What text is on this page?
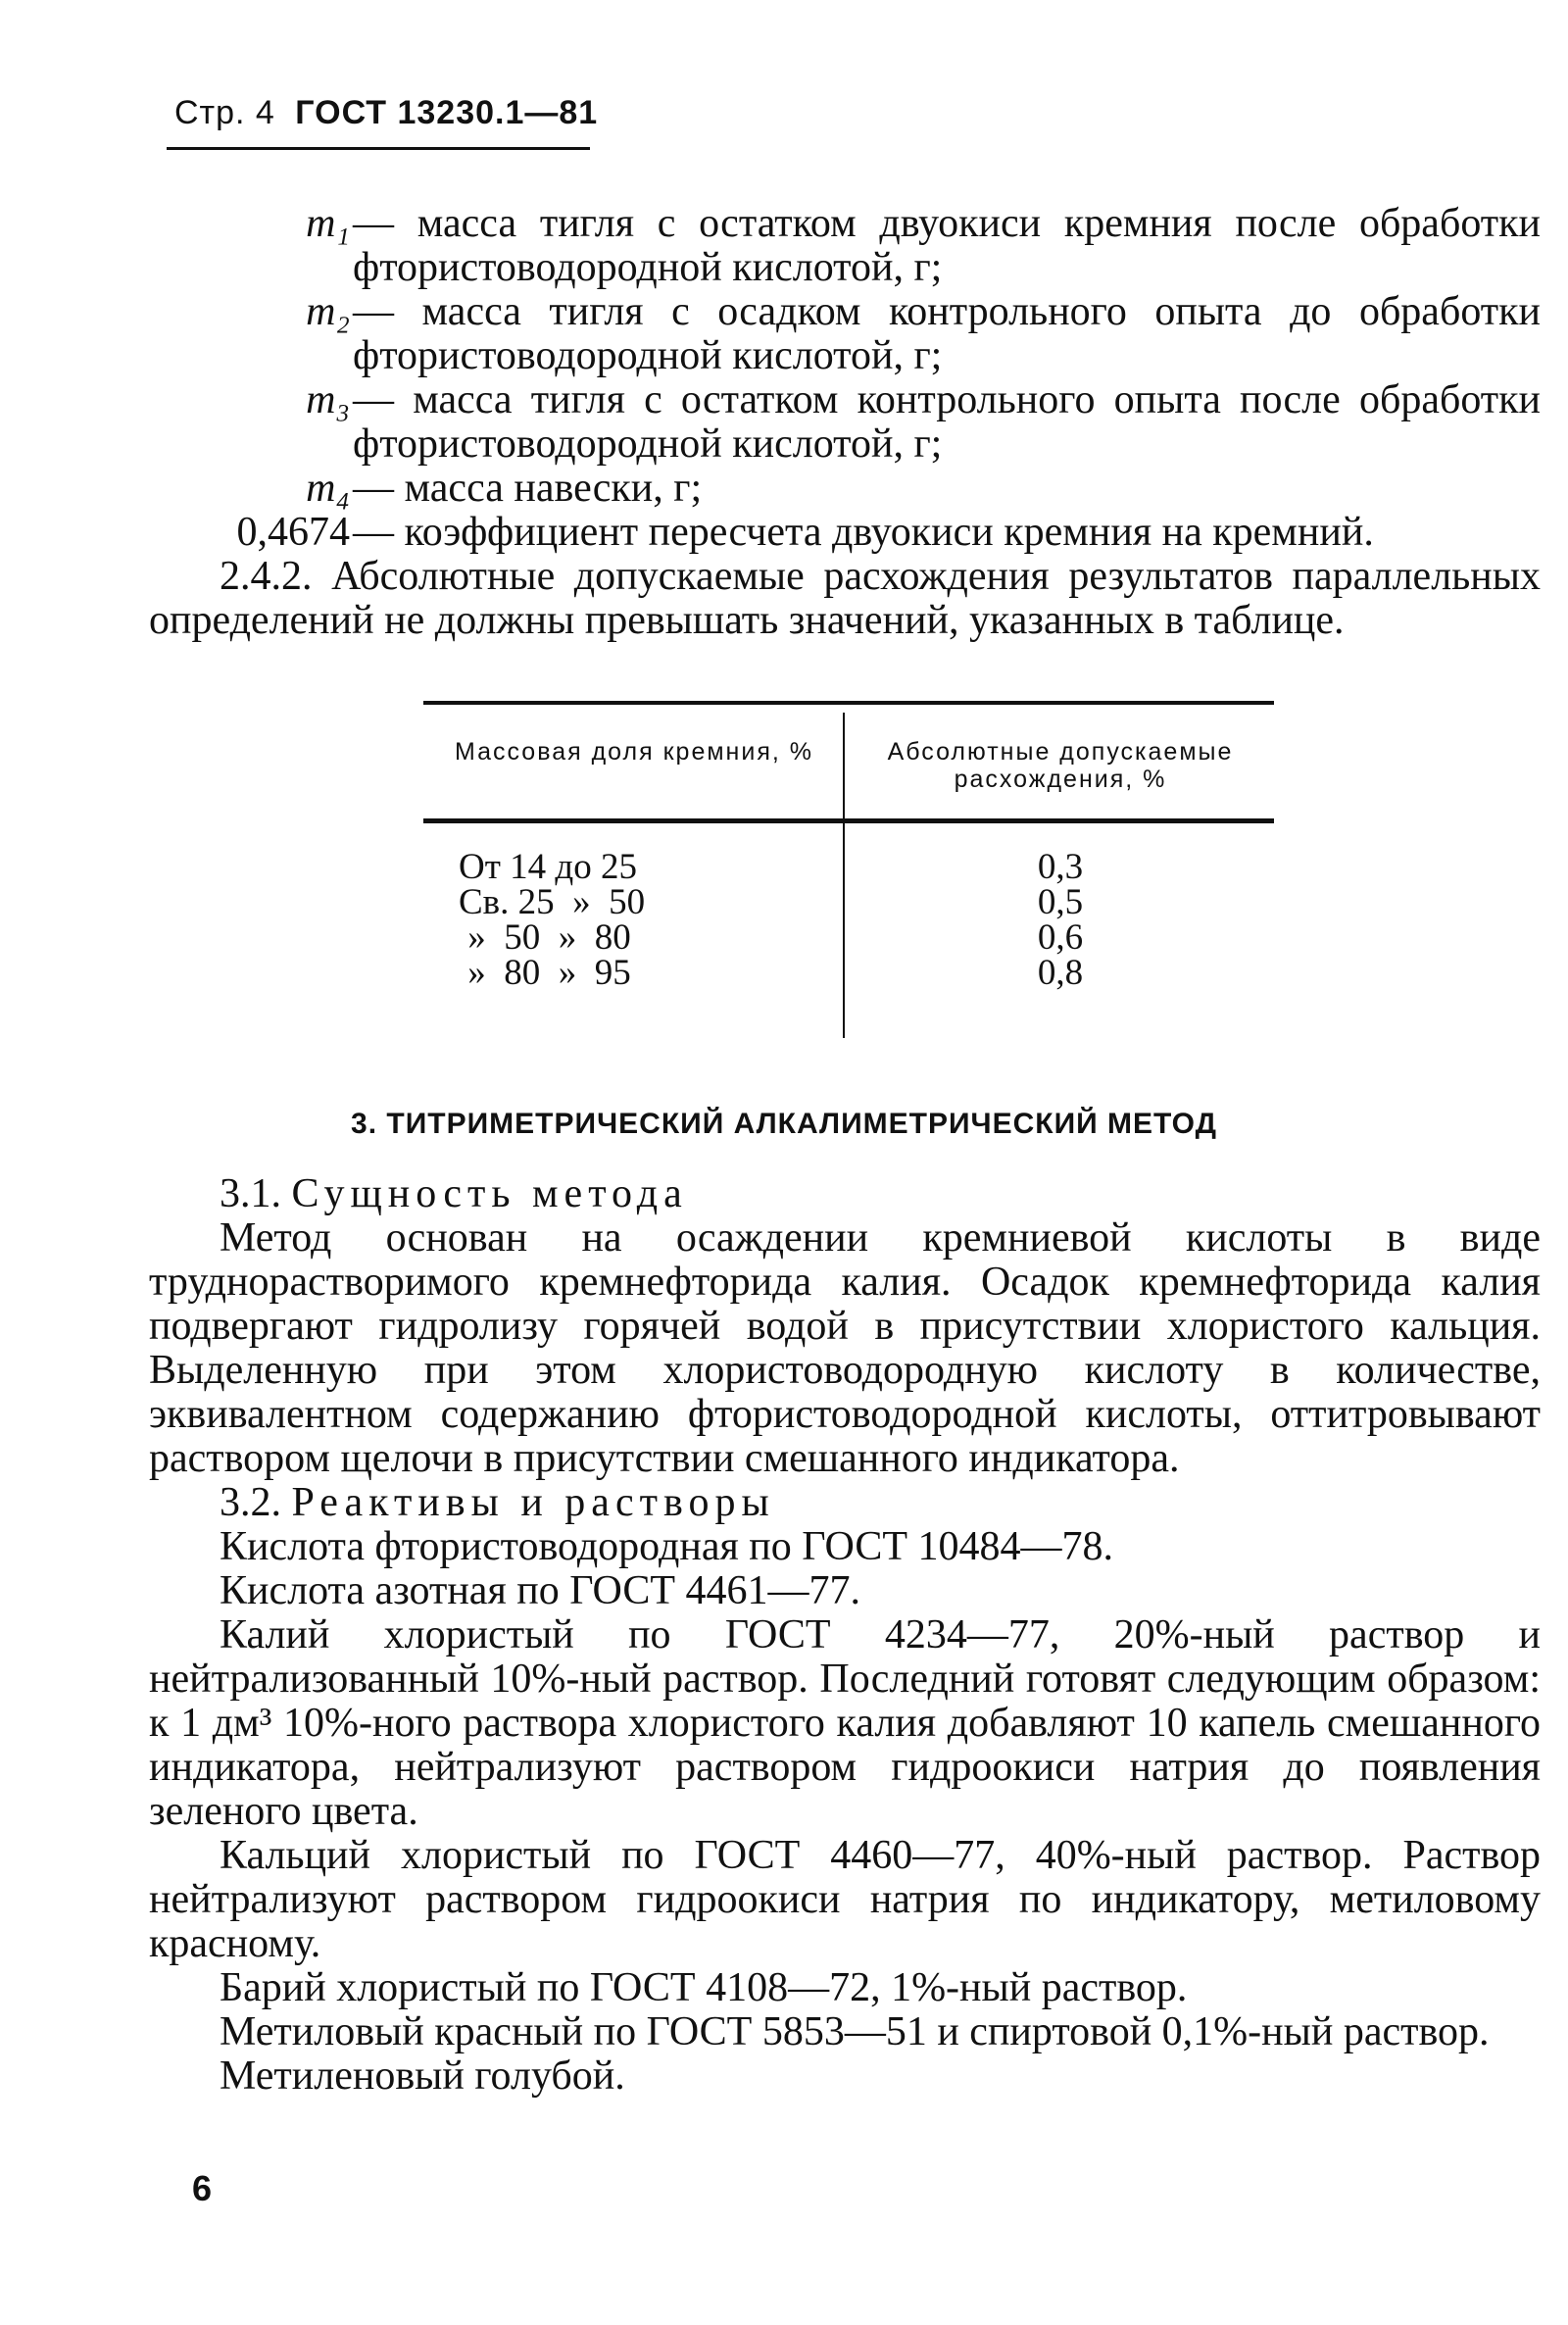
Стр. 4 ГОСТ 13230.1—81
m₁	— масса тигля с остатком двуокиси кремния после обработки фтористоводородной кислотой, г;
m₂	— масса тигля с осадком контрольного опыта до обработки фтористоводородной кислотой, г;
m₃	— масса тигля с остатком контрольного опыта после обработки фтористоводородной кислотой, г;
m₄	— масса навески, г;
0,4674	— коэффициент пересчета двуокиси кремния на кремний.

2.4.2. Абсолютные допускаемые расхождения результатов параллельных определений не должны превышать значений, указанных в таблице.

Массовая доля кремния, %	Абсолютные допускаемые расхождения, %
От 14 до 25	0,3
Св. 25  »  50	0,5
»  50  »  80	0,6
»  80  »  95	0,8
3. ТИТРИМЕТРИЧЕСКИЙ АЛКАЛИМЕТРИЧЕСКИЙ МЕТОД

3.1. Сущность метода

Метод основан на осаждении кремниевой кислоты в виде труднорастворимого кремнефторида калия. Осадок кремнефторида калия подвергают гидролизу горячей водой в присутствии хлористого кальция. Выделенную при этом хлористоводородную кислоту в количестве, эквивалентном содержанию фтористоводородной кислоты, оттитровывают раствором щелочи в присутствии смешанного индикатора.

3.2. Реактивы и растворы

Кислота фтористоводородная по ГОСТ 10484—78.

Кислота азотная по ГОСТ 4461—77.

Калий хлористый по ГОСТ 4234—77, 20%-ный раствор и нейтрализованный 10%-ный раствор. Последний готовят следующим образом: к 1 дм³ 10%-ного раствора хлористого калия добавляют 10 капель смешанного индикатора, нейтрализуют раствором гидроокиси натрия до появления зеленого цвета.

Кальций хлористый по ГОСТ 4460—77, 40%-ный раствор. Раствор нейтрализуют раствором гидроокиси натрия по индикатору, метиловому красному.

Барий хлористый по ГОСТ 4108—72, 1%-ный раствор.

Метиловый красный по ГОСТ 5853—51 и спиртовой 0,1%-ный раствор.

Метиленовый голубой.

6
